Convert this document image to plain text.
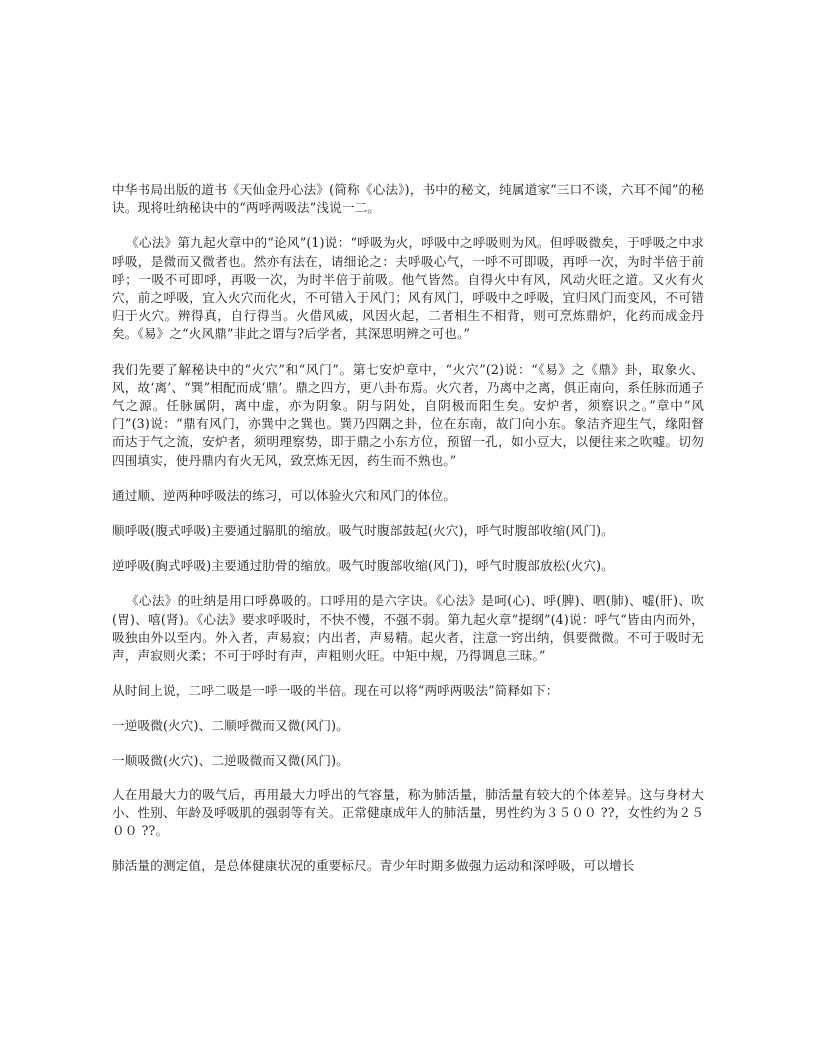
中华书局出版的道书《天仙金丹心法》(简称《心法》)，书中的秘文，纯属道家“三口不谈，六耳不闻”的秘诀。现将吐纳秘诀中的“两呼两吸法”浅说一二。

《心法》第九起火章中的“论风”(1)说：“呼吸为火，呼吸中之呼吸则为风。但呼吸微矣，于呼吸之中求呼吸，是微而又微者也。然亦有法在，请细论之：夫呼吸心气，一呼不可即吸，再呼一次，为时半倍于前呼；一吸不可即呼，再吸一次，为时半倍于前吸。他气皆然。自得火中有风，风动火旺之道。又火有火穴，前之呼吸，宜入火穴而化火，不可错入于风门；风有风门，呼吸中之呼吸，宜归风门而变风，不可错归于火穴。辨得真，自行得当。火借风威，风因火起，二者相生不相背，则可烹炼鼎炉，化药而成金丹矣。《易》之“火风鼎”非此之谓与?后学者，其深思明辨之可也。”

我们先要了解秘诀中的“火穴”和“风门”。第七安炉章中，“火穴”(2)说：“《易》之《鼎》卦，取象火、风，故‘离’、“巽”相配而成‘鼎’。鼎之四方，更八卦布焉。火穴者，乃离中之离，俱正南向，系任脉而通子气之源。任脉属阴，离中虚，亦为阴象。阴与阴处，自阴极而阳生矣。安炉者，须察识之。”章中“风门”(3)说：“鼎有风门，亦巽中之巽也。巽乃四隅之卦，位在东南，故门向小东。象洁齐迎生气，缘阳督而达于气之流，安炉者，须明理察势，即于鼎之小东方位，预留一孔，如小豆大，以便往来之吹嘘。切勿四围填实，使丹鼎内有火无风，致烹炼无因，药生而不熟也。”

通过顺、逆两种呼吸法的练习，可以体验火穴和风门的体位。

顺呼吸(腹式呼吸)主要通过膈肌的缩放。吸气时腹部鼓起(火穴)，呼气时腹部收缩(风门)。

逆呼吸(胸式呼吸)主要通过肋骨的缩放。吸气时腹部收缩(风门)，呼气时腹部放松(火穴)。

《心法》的吐纳是用口呼鼻吸的。口呼用的是六字诀。《心法》是呵(心)、呼(脾)、呬(肺)、嘘(肝)、吹(胃)、嘻(肾)。《心法》要求呼吸时，不快不慢，不强不弱。第九起火章“提纲”(4)说：呼气“皆由内而外，吸独由外以至内。外入者，声易寂；内出者，声易精。起火者，注意一窍出纳，俱要微微。不可于吸时无声，声寂则火柔；不可于呼时有声，声粗则火旺。中矩中规，乃得调息三昧。”

从时间上说，二呼二吸是一呼一吸的半倍。现在可以将“两呼两吸法”简释如下：

一逆吸微(火穴)、二顺呼微而又微(风门)。

一顺吸微(火穴)、二逆吸微而又微(风门)。

人在用最大力的吸气后，再用最大力呼出的气容量，称为肺活量，肺活量有较大的个体差异。这与身材大小、性别、年龄及呼吸肌的强弱等有关。正常健康成年人的肺活量，男性约为３５００ ??，女性约为２５００ ??。

肺活量的测定值，是总体健康状况的重要标尺。青少年时期多做强力运动和深呼吸，可以增长
